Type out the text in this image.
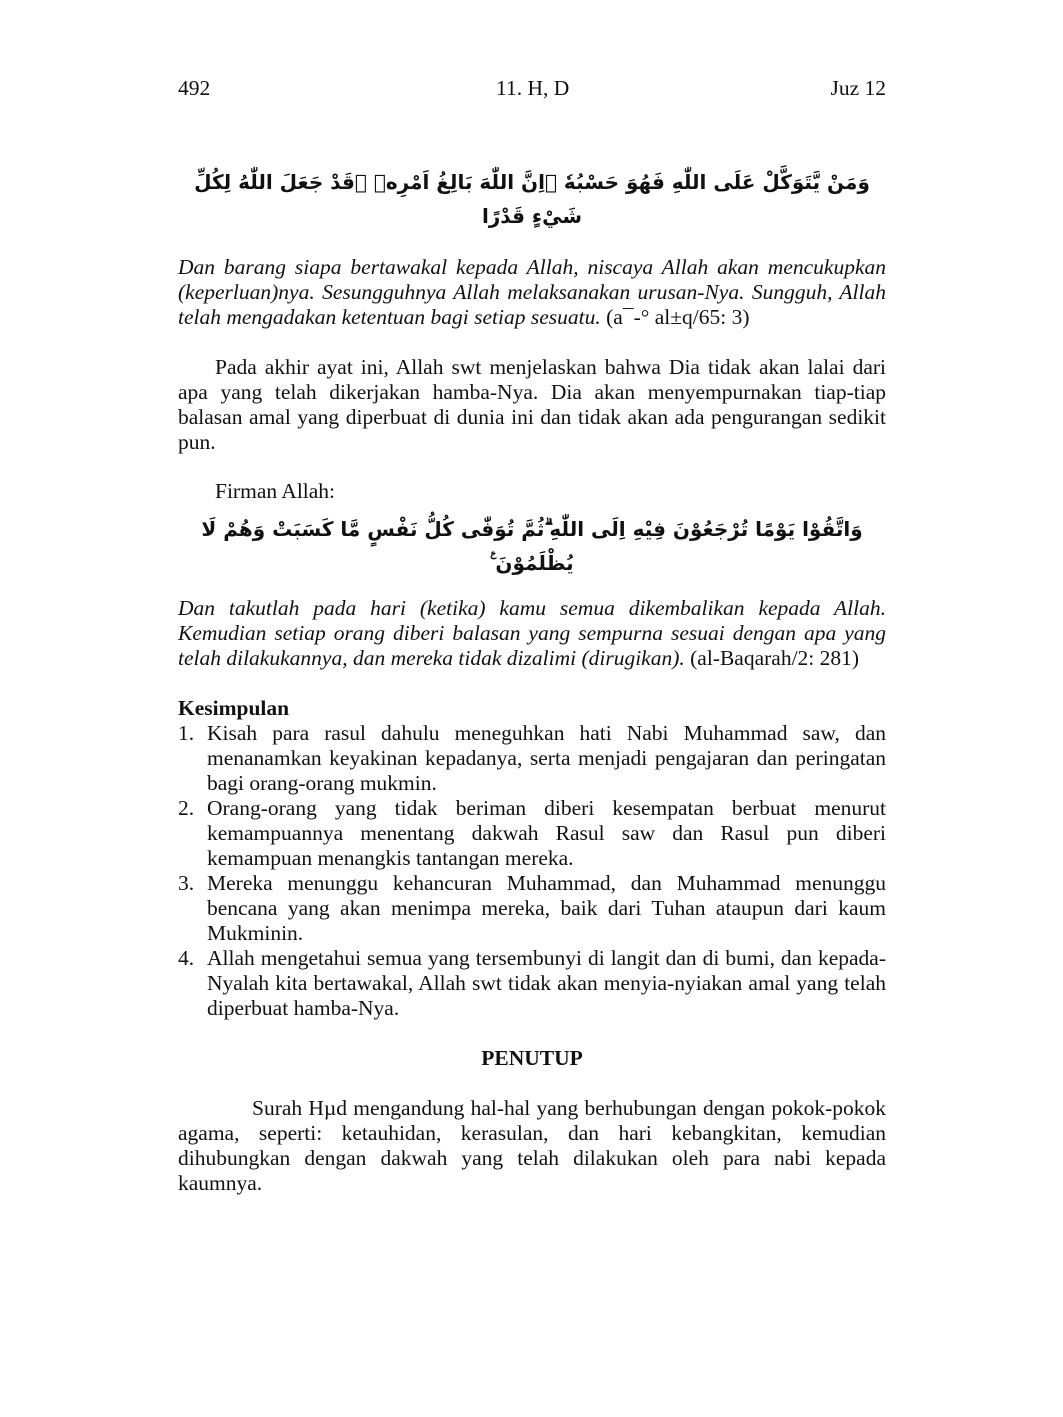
492	11. H, D	Juz 12
وَمَنْ يَّتَوَكَّلْ عَلَى اللّٰهِ فَهُوَ حَسْبُهٗ ۗاِنَّ اللّٰهَ بَالِغُ اَمْرِهٖ ۗقَدْ جَعَلَ اللّٰهُ لِكُلِّ شَيْءٍ قَدْرًا

Dan barang siapa bertawakal kepada Allah, niscaya Allah akan mencukupkan (keperluan)nya. Sesungguhnya Allah melaksanakan urusan-Nya. Sungguh, Allah telah mengadakan ketentuan bagi setiap sesuatu. (a¯-° al±q/65: 3)

Pada akhir ayat ini, Allah swt menjelaskan bahwa Dia tidak akan lalai dari apa yang telah dikerjakan hamba-Nya. Dia akan menyempurnakan tiap-tiap balasan amal yang diperbuat di dunia ini dan tidak akan ada pengurangan sedikit pun.

Firman Allah:

وَاتَّقُوْا يَوْمًا تُرْجَعُوْنَ فِيْهِ اِلَى اللّٰهِ ۗثُمَّ تُوَفّٰى كُلُّ نَفْسٍ مَّا كَسَبَتْ وَهُمْ لَا يُظْلَمُوْنَ ࣖ

Dan takutlah pada hari (ketika) kamu semua dikembalikan kepada Allah. Kemudian setiap orang diberi balasan yang sempurna sesuai dengan apa yang telah dilakukannya, dan mereka tidak dizalimi (dirugikan). (al-Baqarah/2: 281)

Kesimpulan
1. Kisah para rasul dahulu meneguhkan hati Nabi Muhammad saw, dan menanamkan keyakinan kepadanya, serta menjadi pengajaran dan peringatan bagi orang-orang mukmin.
2. Orang-orang yang tidak beriman diberi kesempatan berbuat menurut kemampuannya menentang dakwah Rasul saw dan Rasul pun diberi kemampuan menangkis tantangan mereka.
3. Mereka menunggu kehancuran Muhammad, dan Muhammad menunggu bencana yang akan menimpa mereka, baik dari Tuhan ataupun dari kaum Mukminin.
4. Allah mengetahui semua yang tersembunyi di langit dan di bumi, dan kepada-Nyalah kita bertawakal, Allah swt tidak akan menyia-nyiakan amal yang telah diperbuat hamba-Nya.
PENUTUP

Surah Hµd mengandung hal-hal yang berhubungan dengan pokok-pokok agama, seperti: ketauhidan, kerasulan, dan hari kebangkitan, kemudian dihubungkan dengan dakwah yang telah dilakukan oleh para nabi kepada kaumnya.
